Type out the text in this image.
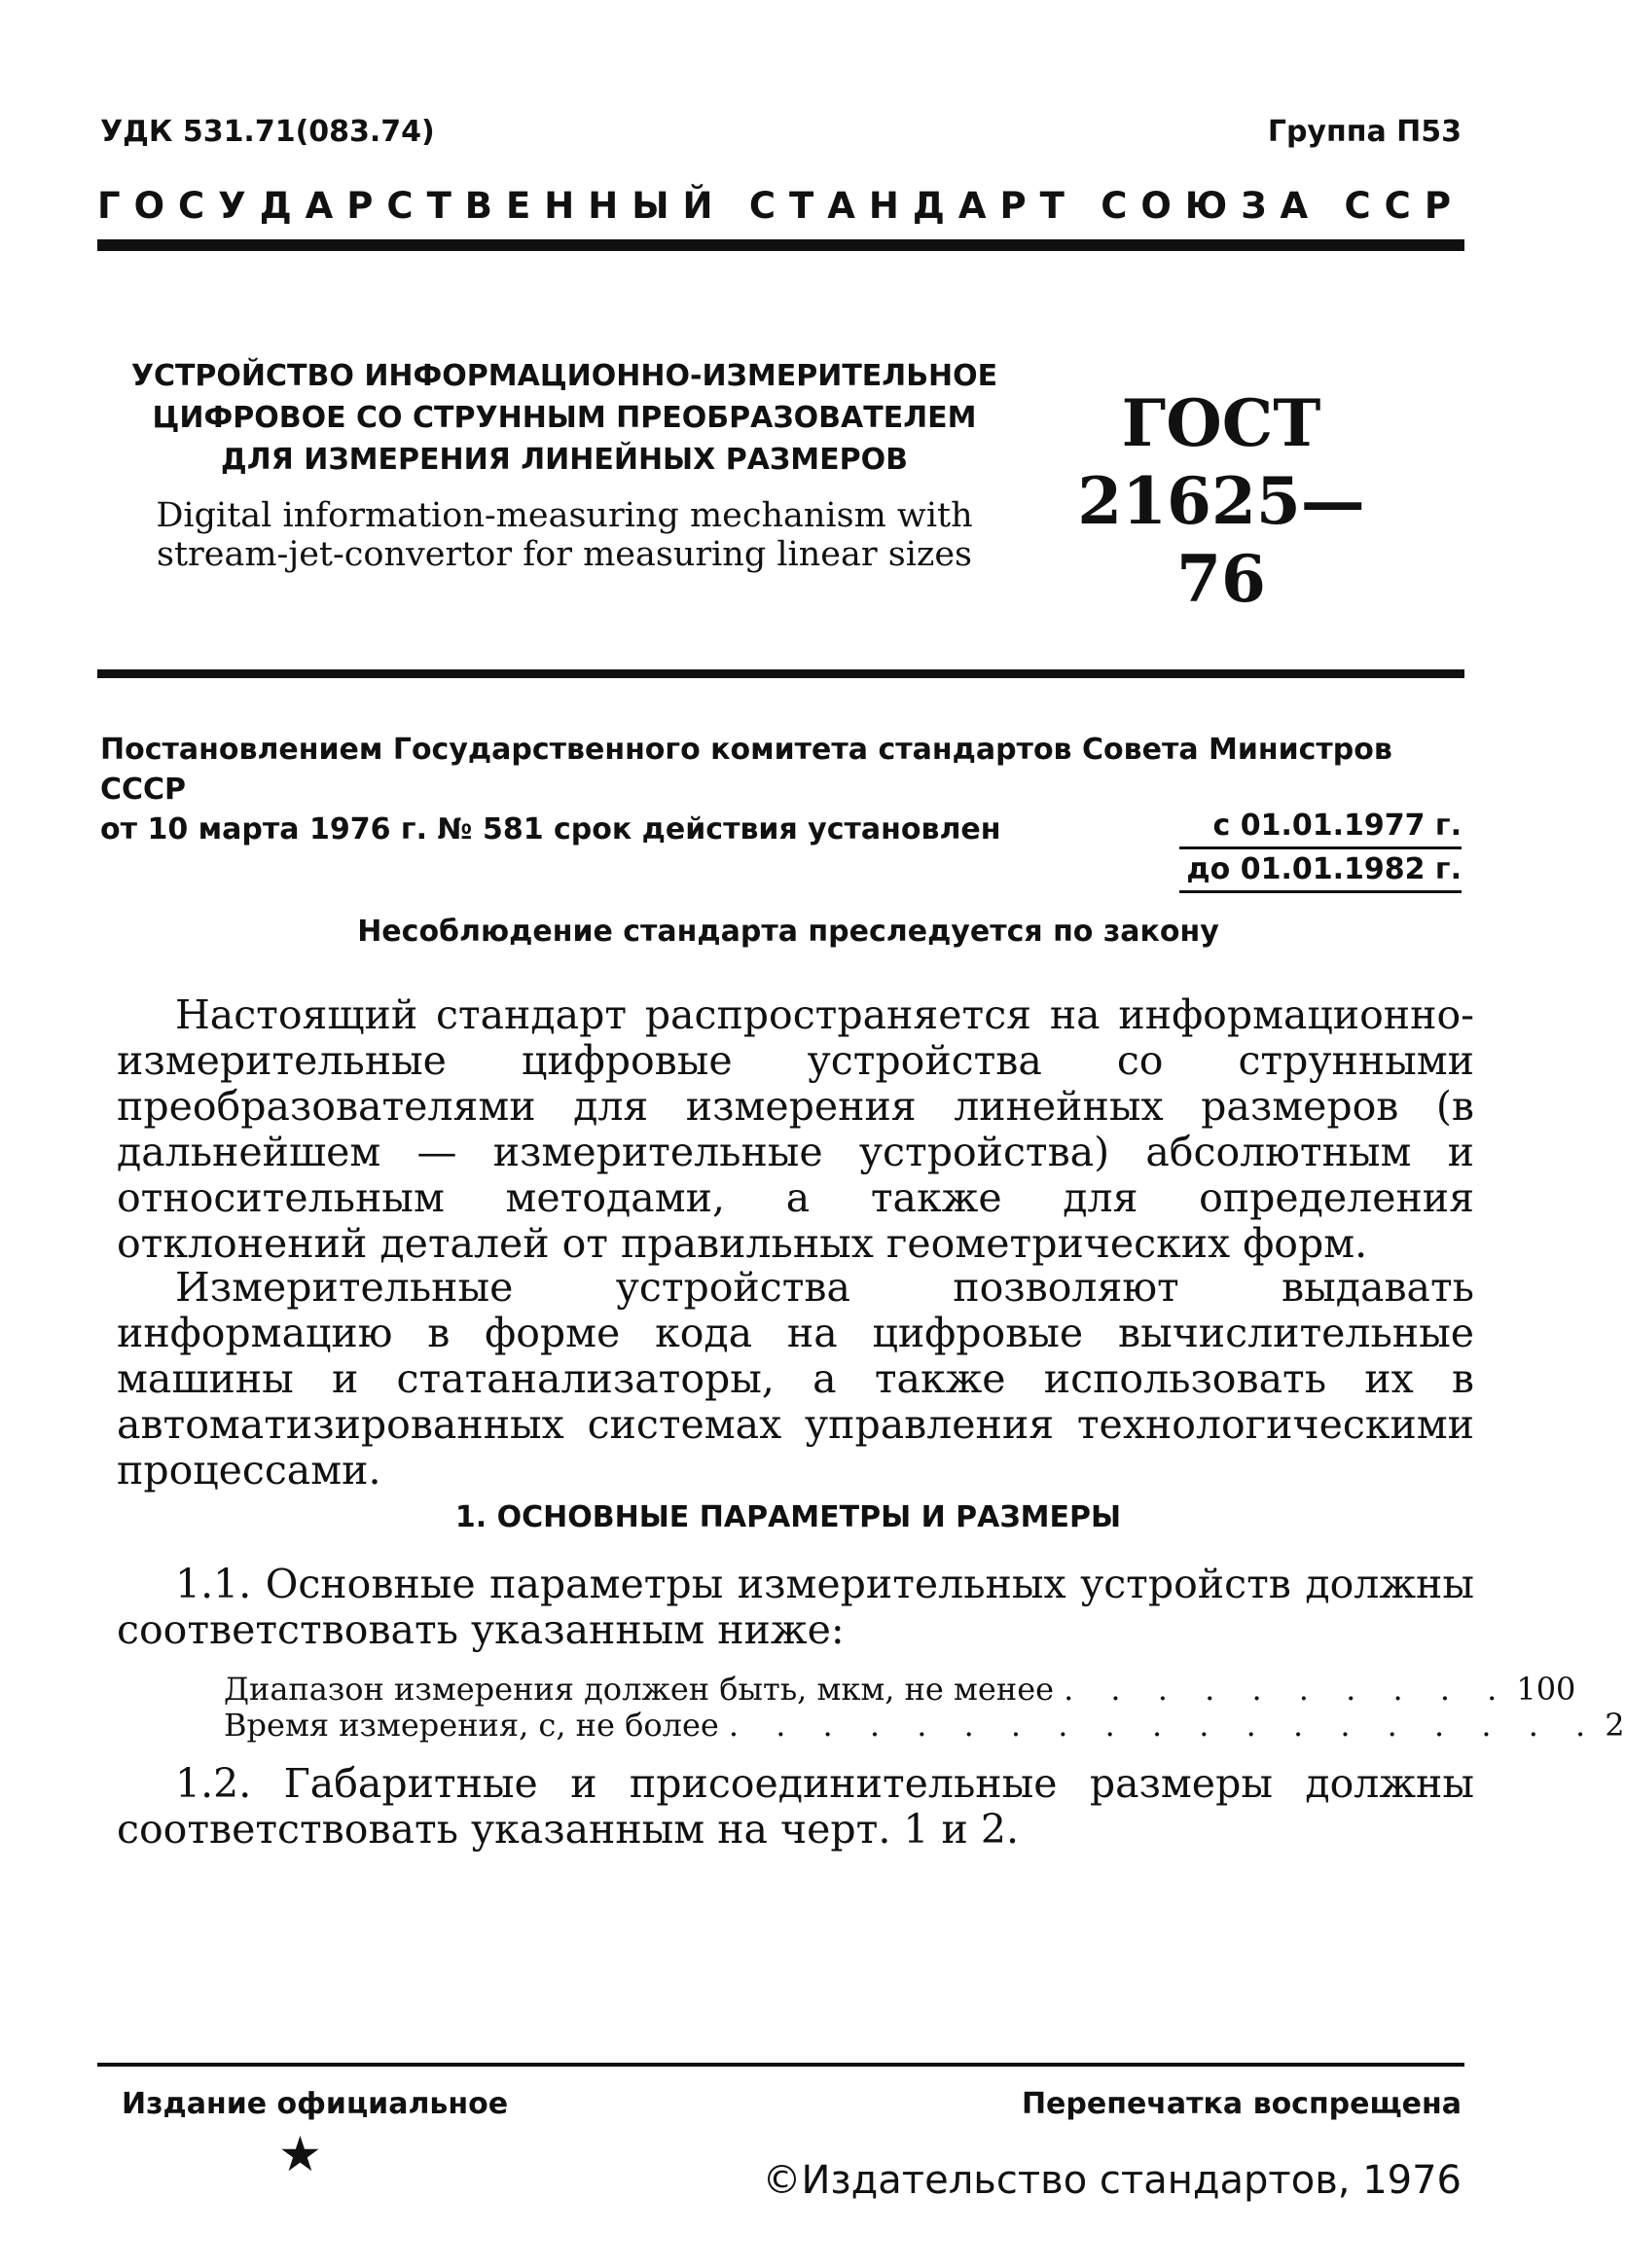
УДК 531.71(083.74)	Группа П53
ГОСУДАРСТВЕННЫЙ СТАНДАРТ СОЮЗА ССР
УСТРОЙСТВО ИНФОРМАЦИОННО-ИЗМЕРИТЕЛЬНОЕ
ЦИФРОВОЕ СО СТРУННЫМ ПРЕОБРАЗОВАТЕЛЕМ
ДЛЯ ИЗМЕРЕНИЯ ЛИНЕЙНЫХ РАЗМЕРОВ
Digital information-measuring mechanism with
stream-jet-convertor for measuring linear sizes
ГОСТ
21625—76
Постановлением Государственного комитета стандартов Совета Министров СССР
от 10 марта 1976 г. № 581 срок действия установлен	с 01.01.1977 г.
до 01.01.1982 г.
Несоблюдение стандарта преследуется по закону

Настоящий стандарт распространяется на информационно-измерительные цифровые устройства со струнными преобразователями для измерения линейных размеров (в дальнейшем — измерительные устройства) абсолютным и относительным методами, а также для определения отклонений деталей от правильных геометрических форм.

Измерительные устройства позволяют выдавать информацию в форме кода на цифровые вычислительные машины и статанализаторы, а также использовать их в автоматизированных системах управления технологическими процессами.

1. ОСНОВНЫЕ ПАРАМЕТРЫ И РАЗМЕРЫ

1.1. Основные параметры измерительных устройств должны соответствовать указанным ниже:

Диапазон измерения должен быть, мкм, не менее . . . . . . . . . . 100
Время измерения, с, не более . . . . . . . . . . . . . . . . . . . 2

1.2. Габаритные и присоединительные размеры должны соответствовать указанным на черт. 1 и 2.

Издание официальное	Перепечатка воспрещена
★	©Издательство стандартов, 1976
